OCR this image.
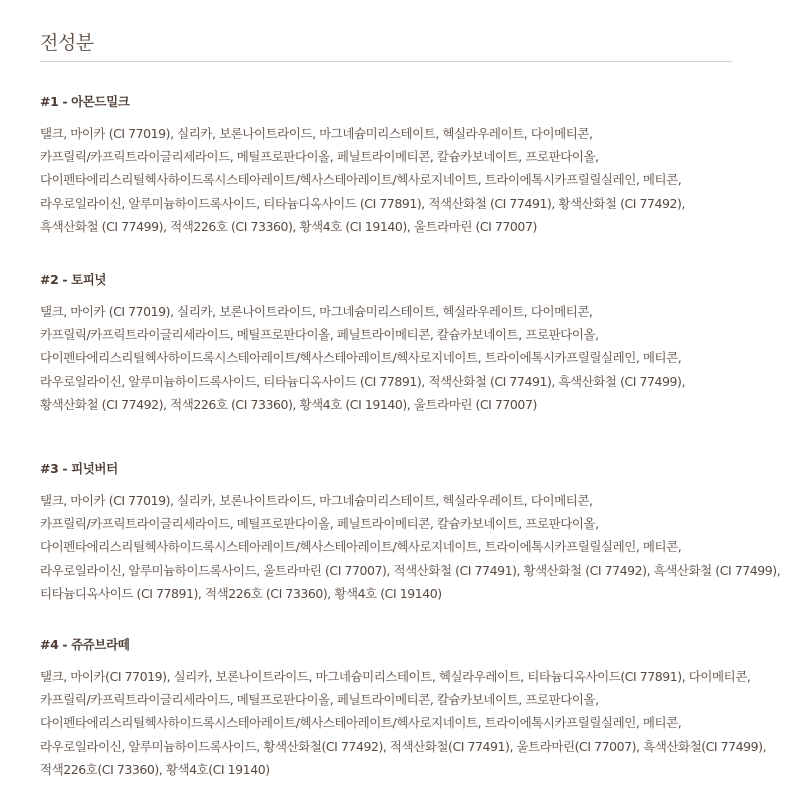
전성분

#1 - 아몬드밀크

탤크, 마이카 (CI 77019), 실리카, 보론나이트라이드, 마그네슘미리스테이트, 헥실라우레이트, 다이메티콘,
카프릴릭/카프릭트라이글리세라이드, 메틸프로판다이올, 페닐트라이메티콘, 칼슘카보네이트, 프로판다이올,
다이펜타에리스리틸헥사하이드록시스테아레이트/헥사스테아레이트/헥사로지네이트, 트라이에톡시카프릴릴실레인, 메티콘,
라우로일라이신, 알루미늄하이드록사이드, 티타늄디옥사이드 (CI 77891), 적색산화철 (CI 77491), 황색산화철 (CI 77492),
흑색산화철 (CI 77499), 적색226호 (CI 73360), 황색4호 (CI 19140), 울트라마린 (CI 77007)

#2 - 토피넛

탤크, 마이카 (CI 77019), 실리카, 보론나이트라이드, 마그네슘미리스테이트, 헥실라우레이트, 다이메티콘,
카프릴릭/카프릭트라이글리세라이드, 메틸프로판다이올, 페닐트라이메티콘, 칼슘카보네이트, 프로판다이올,
다이펜타에리스리틸헥사하이드록시스테아레이트/헥사스테아레이트/헥사로지네이트, 트라이에톡시카프릴릴실레인, 메티콘,
라우로일라이신, 알루미늄하이드록사이드, 티타늄디옥사이드 (CI 77891), 적색산화철 (CI 77491), 흑색산화철 (CI 77499),
황색산화철 (CI 77492), 적색226호 (CI 73360), 황색4호 (CI 19140), 울트라마린 (CI 77007)

#3 - 피넛버터

탤크, 마이카 (CI 77019), 실리카, 보론나이트라이드, 마그네슘미리스테이트, 헥실라우레이트, 다이메티콘,
카프릴릭/카프릭트라이글리세라이드, 메틸프로판다이올, 페닐트라이메티콘, 칼슘카보네이트, 프로판다이올,
다이펜타에리스리틸헥사하이드록시스테아레이트/헥사스테아레이트/헥사로지네이트, 트라이에톡시카프릴릴실레인, 메티콘,
라우로일라이신, 알루미늄하이드록사이드, 울트라마린 (CI 77007), 적색산화철 (CI 77491), 황색산화철 (CI 77492), 흑색산화철 (CI 77499),
티타늄디옥사이드 (CI 77891), 적색226호 (CI 73360), 황색4호 (CI 19140)

#4 - 쥬쥬브라떼

탤크, 마이카(CI 77019), 실리카, 보론나이트라이드, 마그네슘미리스테이트, 헥실라우레이트, 티타늄디옥사이드(CI 77891), 다이메티콘,
카프릴릭/카프릭트라이글리세라이드, 메틸프로판다이올, 페닐트라이메티콘, 칼슘카보네이트, 프로판다이올,
다이펜타에리스리틸헥사하이드록시스테아레이트/헥사스테아레이트/헥사로지네이트, 트라이에톡시카프릴릴실레인, 메티콘,
라우로일라이신, 알루미늄하이드록사이드, 황색산화철(CI 77492), 적색산화철(CI 77491), 울트라마린(CI 77007), 흑색산화철(CI 77499),
적색226호(CI 73360), 황색4호(CI 19140)
